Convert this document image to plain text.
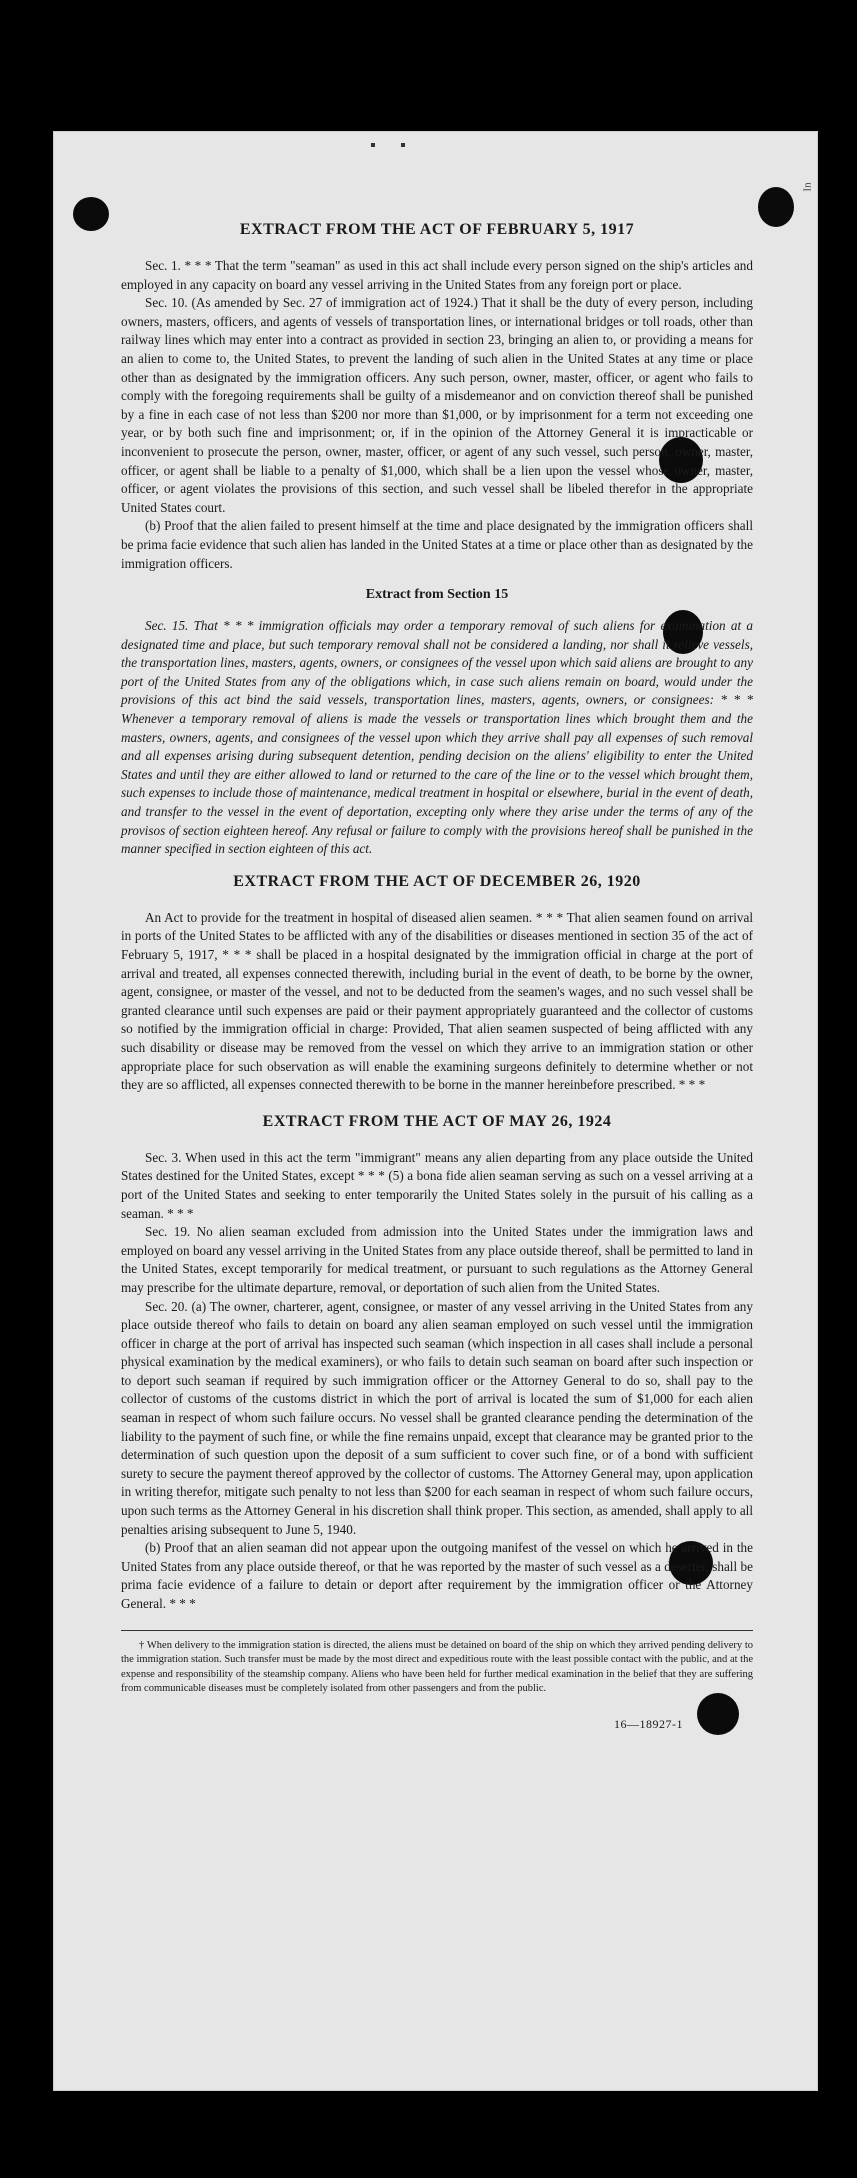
In
EXTRACT FROM THE ACT OF FEBRUARY 5, 1917

Sec. 1. * * * That the term "seaman" as used in this act shall include every person signed on the ship's articles and employed in any capacity on board any vessel arriving in the United States from any foreign port or place.

Sec. 10. (As amended by Sec. 27 of immigration act of 1924.) That it shall be the duty of every person, including owners, masters, officers, and agents of vessels of transportation lines, or international bridges or toll roads, other than railway lines which may enter into a contract as provided in section 23, bringing an alien to, or providing a means for an alien to come to, the United States, to prevent the landing of such alien in the United States at any time or place other than as designated by the immigration officers. Any such person, owner, master, officer, or agent who fails to comply with the foregoing requirements shall be guilty of a misdemeanor and on conviction thereof shall be punished by a fine in each case of not less than $200 nor more than $1,000, or by imprisonment for a term not exceeding one year, or by both such fine and imprisonment; or, if in the opinion of the Attorney General it is impracticable or inconvenient to prosecute the person, owner, master, officer, or agent of any such vessel, such person, owner, master, officer, or agent shall be liable to a penalty of $1,000, which shall be a lien upon the vessel whose owner, master, officer, or agent violates the provisions of this section, and such vessel shall be libeled therefor in the appropriate United States court.

(b) Proof that the alien failed to present himself at the time and place designated by the immigration officers shall be prima facie evidence that such alien has landed in the United States at a time or place other than as designated by the immigration officers.

Extract from Section 15

Sec. 15. That * * * immigration officials may order a temporary removal of such aliens for examination at a designated time and place, but such temporary removal shall not be considered a landing, nor shall it relieve vessels, the transportation lines, masters, agents, owners, or consignees of the vessel upon which said aliens are brought to any port of the United States from any of the obligations which, in case such aliens remain on board, would under the provisions of this act bind the said vessels, transportation lines, masters, agents, owners, or consignees: * * * Whenever a temporary removal of aliens is made the vessels or transportation lines which brought them and the masters, owners, agents, and consignees of the vessel upon which they arrive shall pay all expenses of such removal and all expenses arising during subsequent detention, pending decision on the aliens' eligibility to enter the United States and until they are either allowed to land or returned to the care of the line or to the vessel which brought them, such expenses to include those of maintenance, medical treatment in hospital or elsewhere, burial in the event of death, and transfer to the vessel in the event of deportation, excepting only where they arise under the terms of any of the provisos of section eighteen hereof. Any refusal or failure to comply with the provisions hereof shall be punished in the manner specified in section eighteen of this act.

EXTRACT FROM THE ACT OF DECEMBER 26, 1920

An Act to provide for the treatment in hospital of diseased alien seamen. * * * That alien seamen found on arrival in ports of the United States to be afflicted with any of the disabilities or diseases mentioned in section 35 of the act of February 5, 1917, * * * shall be placed in a hospital designated by the immigration official in charge at the port of arrival and treated, all expenses connected therewith, including burial in the event of death, to be borne by the owner, agent, consignee, or master of the vessel, and not to be deducted from the seamen's wages, and no such vessel shall be granted clearance until such expenses are paid or their payment appropriately guaranteed and the collector of customs so notified by the immigration official in charge: Provided, That alien seamen suspected of being afflicted with any such disability or disease may be removed from the vessel on which they arrive to an immigration station or other appropriate place for such observation as will enable the examining surgeons definitely to determine whether or not they are so afflicted, all expenses connected therewith to be borne in the manner hereinbefore prescribed. * * *

EXTRACT FROM THE ACT OF MAY 26, 1924

Sec. 3. When used in this act the term "immigrant" means any alien departing from any place outside the United States destined for the United States, except * * * (5) a bona fide alien seaman serving as such on a vessel arriving at a port of the United States and seeking to enter temporarily the United States solely in the pursuit of his calling as a seaman. * * *

Sec. 19. No alien seaman excluded from admission into the United States under the immigration laws and employed on board any vessel arriving in the United States from any place outside thereof, shall be permitted to land in the United States, except temporarily for medical treatment, or pursuant to such regulations as the Attorney General may prescribe for the ultimate departure, removal, or deportation of such alien from the United States.

Sec. 20. (a) The owner, charterer, agent, consignee, or master of any vessel arriving in the United States from any place outside thereof who fails to detain on board any alien seaman employed on such vessel until the immigration officer in charge at the port of arrival has inspected such seaman (which inspection in all cases shall include a personal physical examination by the medical examiners), or who fails to detain such seaman on board after such inspection or to deport such seaman if required by such immigration officer or the Attorney General to do so, shall pay to the collector of customs of the customs district in which the port of arrival is located the sum of $1,000 for each alien seaman in respect of whom such failure occurs. No vessel shall be granted clearance pending the determination of the liability to the payment of such fine, or while the fine remains unpaid, except that clearance may be granted prior to the determination of such question upon the deposit of a sum sufficient to cover such fine, or of a bond with sufficient surety to secure the payment thereof approved by the collector of customs. The Attorney General may, upon application in writing therefor, mitigate such penalty to not less than $200 for each seaman in respect of whom such failure occurs, upon such terms as the Attorney General in his discretion shall think proper. This section, as amended, shall apply to all penalties arising subsequent to June 5, 1940.

(b) Proof that an alien seaman did not appear upon the outgoing manifest of the vessel on which he arrived in the United States from any place outside thereof, or that he was reported by the master of such vessel as a deserter, shall be prima facie evidence of a failure to detain or deport after requirement by the immigration officer or the Attorney General. * * *

† When delivery to the immigration station is directed, the aliens must be detained on board of the ship on which they arrived pending delivery to the immigration station. Such transfer must be made by the most direct and expeditious route with the least possible contact with the public, and at the expense and responsibility of the steamship company. Aliens who have been held for further medical examination in the belief that they are suffering from communicable diseases must be completely isolated from other passengers and from the public.

16—18927-1
